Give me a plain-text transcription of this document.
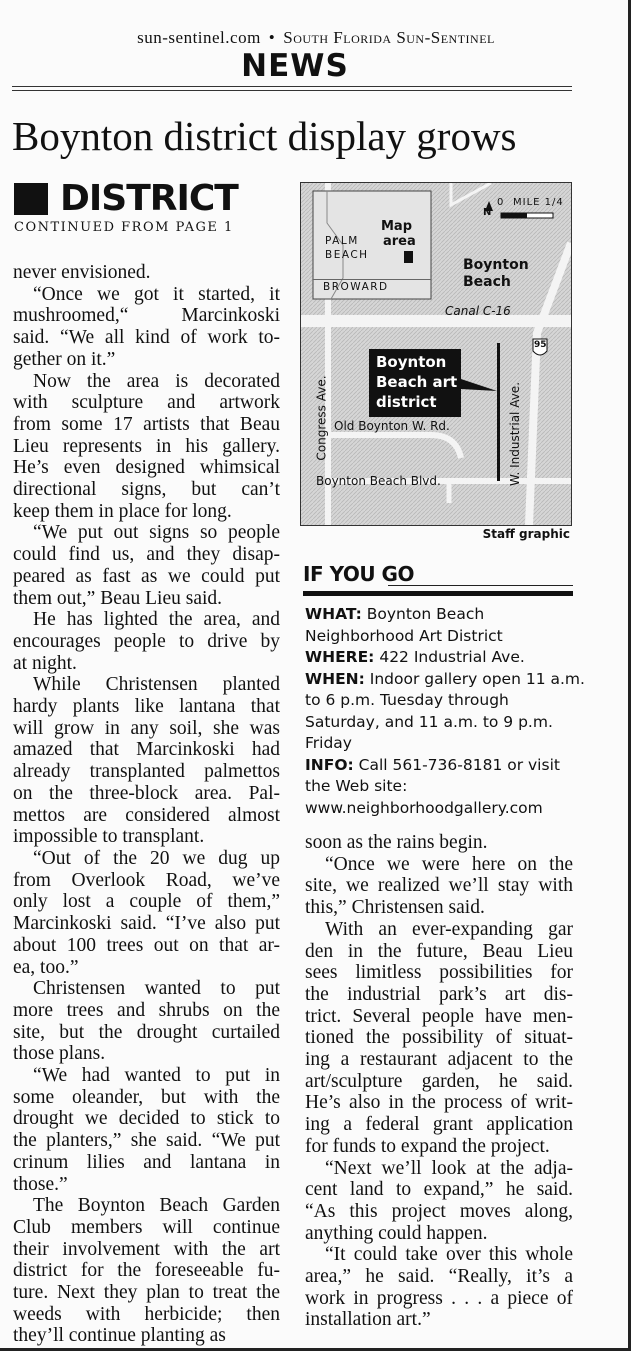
sun-sentinel.com • South Florida Sun-Sentinel
NEWS
Boynton district display grows
DISTRICT
CONTINUED FROM PAGE 1

never envisioned.

“Once we got it started, it
mushroomed,“ Marcinkoski
said. “We all kind of work to-
gether on it.”

Now the area is decorated
with sculpture and artwork
from some 17 artists that Beau
Lieu represents in his gallery.
He’s even designed whimsical
directional signs, but can’t
keep them in place for long.

“We put out signs so people
could find us, and they disap-
peared as fast as we could put
them out,” Beau Lieu said.

He has lighted the area, and
encourages people to drive by
at night.

While Christensen planted
hardy plants like lantana that
will grow in any soil, she was
amazed that Marcinkoski had
already transplanted palmettos
on the three-block area. Pal-
mettos are considered almost
impossible to transplant.

“Out of the 20 we dug up
from Overlook Road, we’ve
only lost a couple of them,”
Marcinkoski said. “I’ve also put
about 100 trees out on that ar-
ea, too.”

Christensen wanted to put
more trees and shrubs on the
site, but the drought curtailed
those plans.

“We had wanted to put in
some oleander, but with the
drought we decided to stick to
the planters,” she said. “We put
crinum lilies and lantana in
those.”

The Boynton Beach Garden
Club members will continue
their involvement with the art
district for the foreseeable fu-
ture. Next they plan to treat the
weeds with herbicide; then
they’ll continue planting as

soon as the rains begin.

“Once we were here on the
site, we realized we’ll stay with
this,” Christensen said.

With an ever-expanding gar
den in the future, Beau Lieu
sees limitless possibilities for
the industrial park’s art dis-
trict. Several people have men-
tioned the possibility of situat-
ing a restaurant adjacent to the
art/sculpture garden, he said.
He’s also in the process of writ-
ing a federal grant application
for funds to expand the project.

“Next we’ll look at the adja-
cent land to expand,” he said.
“As this project moves along,
anything could happen.

“It could take over this whole
area,” he said. “Really, it’s a
work in progress . . . a piece of
installation art.”

PALM
BEACH
BROWARD
Map
area
N
0 MILE 1/4
Boynton
Beach
Canal C-16
95
Boynton
Beach art
district
Congress Ave. Old Boynton W. Rd.	W. Industrial Ave.
Boynton Beach Blvd.
Staff graphic
IF YOU GO
WHAT: Boynton Beach
Neighborhood Art District
WHERE: 422 Industrial Ave.
WHEN: Indoor gallery open 11 a.m.
to 6 p.m. Tuesday through
Saturday, and 11 a.m. to 9 p.m.
Friday
INFO: Call 561-736-8181 or visit
the Web site:
www.neighborhoodgallery.com
